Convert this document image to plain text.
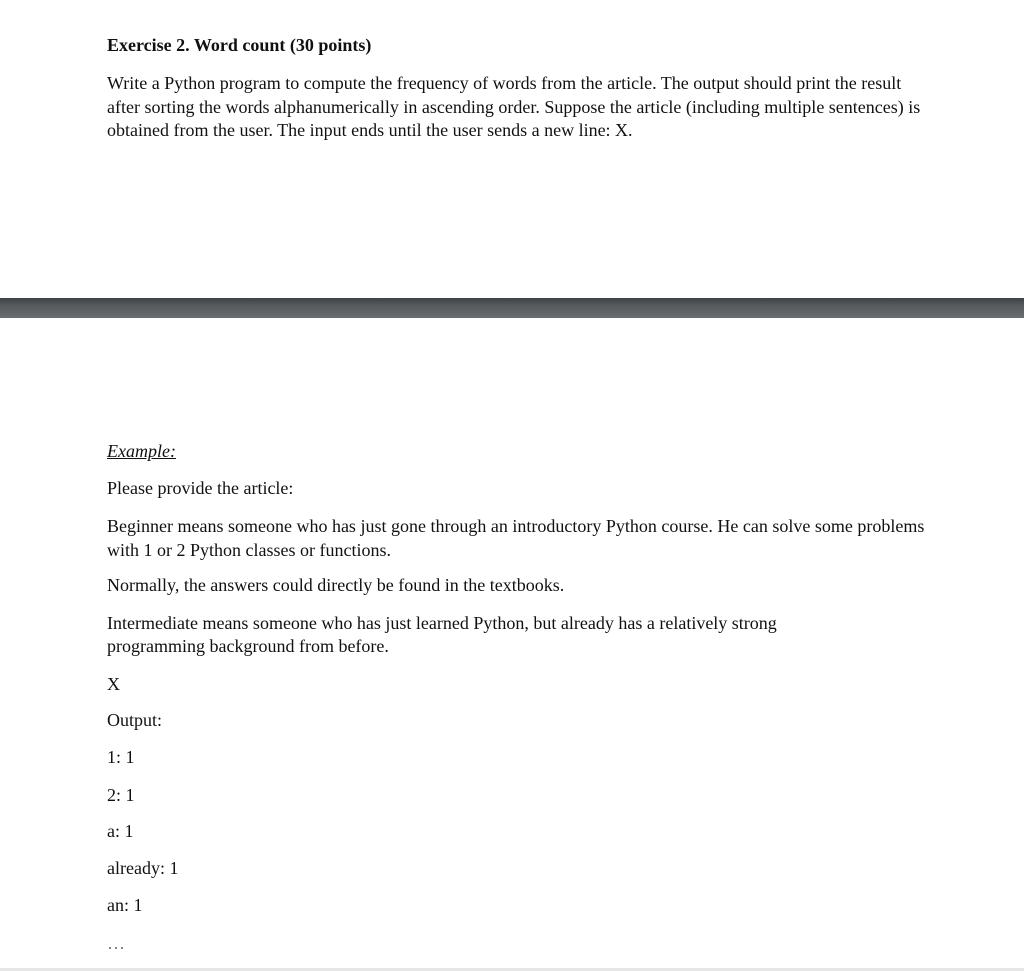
Exercise 2. Word count (30 points)

Write a Python program to compute the frequency of words from the article. The output should print the result after sorting the words alphanumerically in ascending order. Suppose the article (including multiple sentences) is obtained from the user. The input ends until the user sends a new line: X.

Example:

Please provide the article:

Beginner means someone who has just gone through an introductory Python course. He can solve some problems with 1 or 2 Python classes or functions.

Normally, the answers could directly be found in the textbooks.

Intermediate means someone who has just learned Python, but already has a relatively strong programming background from before.

X

Output:

1: 1

2: 1

a: 1

already: 1

an: 1

…
